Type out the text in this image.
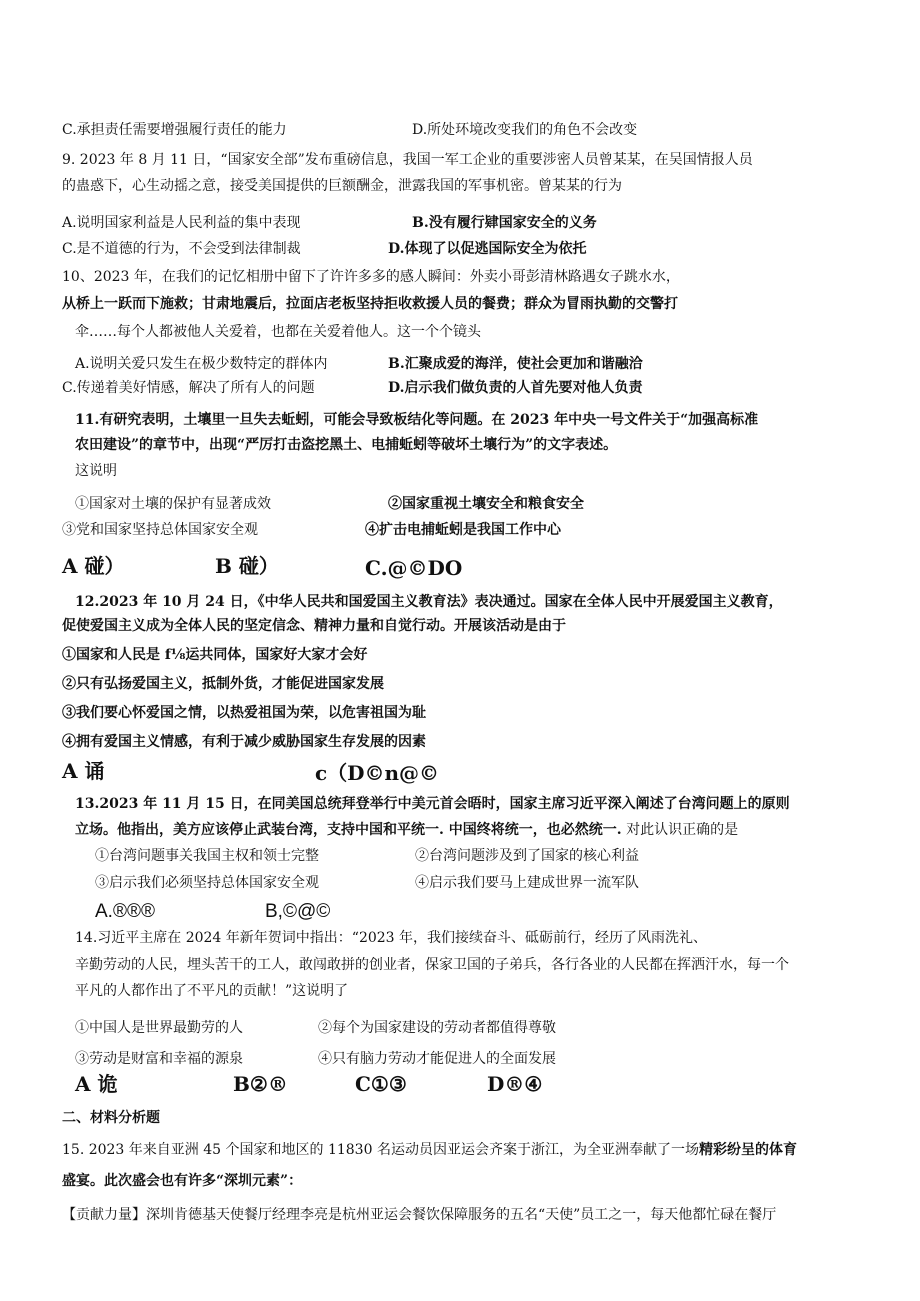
C.承担责任需要增强履行责任的能力	D.所处环境改变我们的角色不会改变
9. 2023 年 8 月 11 日，“国家安全部”发布重磅信息，我国一军工企业的重要涉密人员曾某某，在吴国情报人员
的蛊惑下，心生动摇之意，接受美国提供的巨额酬金，泄露我国的军事机密。曾某某的行为
A.说明国家利益是人民利益的集中表现	B.没有履行肄国家安全的义务
C.是不道德的行为，不会受到法律制裁	D.体现了以促逃国际安全为依托
10、2023 年，在我们的记忆相册中留下了许许多多的感人瞬间：外卖小哥彭清林路遇女子跳水水，
从桥上一跃而下施救；甘肃地震后，拉面店老板坚持拒收救援人员的餐费；群众为冒雨执勤的交警打
伞……每个人都被他人关爱着，也都在关爱着他人。这一个个镜头
A.说明关爱只发生在极少数特定的群体内	B.汇聚成爱的海洋，使社会更加和谐融洽
C.传递着美好情感，解决了所有人的问题	D.启示我们做负责的人首先要对他人负责
11.有研究表明，土壤里一旦失去蚯蚓，可能会导致板结化等问题。在 2023 年中央一号文件关于“加强高标准
农田建设”的章节中，出现“严厉打击盗挖黑土、电捕蚯蚓等破坏土壤行为”的文字表述。
这说明
①国家对土壤的保护有显著成效	②国家重视土壤安全和粮食安全
③党和国家坚持总体国家安全观	④扩击电捕蚯蚓是我国工作中心
A 碰）	B 碰）	C.@©DO
12.2023 年 10 月 24 日，《中华人民共和国爱国主义教育法》表决通过。国家在全体人民中开展爱国主义教育，
促使爱国主义成为全体人民的坚定信念、精神力量和自觉行动。开展该活动是由于
①国家和人民是 f⅛运共同体，国家好大家才会好
②只有弘扬爱国主义，抵制外货，才能促进国家发展
③我们要心怀爱国之情，以热爱祖国为荣，以危害祖国为耻
④拥有爱国主义情感，有利于减少威胁国家生存发展的因素
A 诵	c（D©n@©
13.2023 年 11 月 15 日，在同美国总统拜登举行中美元首会晤时，国家主席习近平深入阐述了台湾问题上的原则
立场。他指出，美方应该停止武装台湾，支持中国和平统一. 中国终将统一，也必然统一. 对此认识正确的是
①台湾问题事关我国主权和领士完整	②台湾问题涉及到了国家的核心利益
③启示我们必须坚持总体国家安全观	④启示我们要马上建成世界一流军队
A.®®®	B,©@©
14.习近平主席在 2024 年新年贺词中指出：“2023 年，我们接续奋斗、砥砺前行，经历了风雨洗礼、
辛勤劳动的人民，埋头苦干的工人，敢闯敢拼的创业者，保家卫国的子弟兵，各行各业的人民都在挥洒汗水，每一个
平凡的人都作出了不平凡的贡献！”这说明了
①中国人是世界最勤劳的人	②每个为国家建设的劳动者都值得尊敬
③劳动是财富和幸福的源泉	④只有脑力劳动才能促进人的全面发展
A 诡	B②®	C①③	D®④
二、材料分析题
15. 2023 年来自亚洲 45 个国家和地区的 11830 名运动员因亚运会齐案于浙江，为全亚洲奉献了一场精彩纷呈的体育
盛宴。此次盛会也有许多“深圳元素”：
【贡献力量】深圳肯德基天使餐厅经理李亮是杭州亚运会餐饮保障服务的五名“天使”员工之一，每天他都忙碌在餐厅
